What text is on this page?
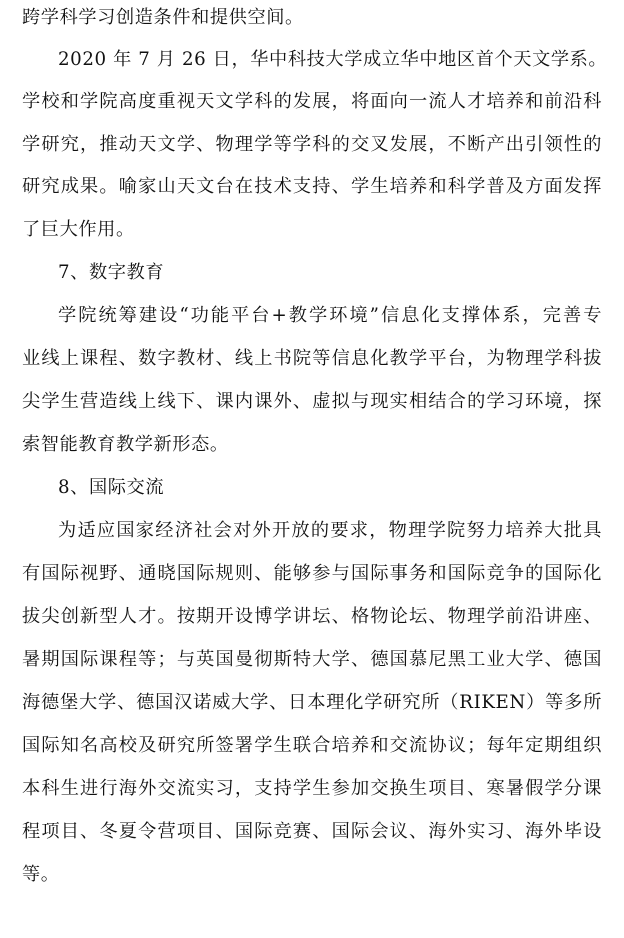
跨学科学习创造条件和提供空间。
2020 年 7 月 26 日，华中科技大学成立华中地区首个天文学系。
学校和学院高度重视天文学科的发展，将面向一流人才培养和前沿科
学研究，推动天文学、物理学等学科的交叉发展，不断产出引领性的
研究成果。喻家山天文台在技术支持、学生培养和科学普及方面发挥
了巨大作用。
7、数字教育
学院统筹建设“功能平台+教学环境”信息化支撑体系，完善专
业线上课程、数字教材、线上书院等信息化教学平台，为物理学科拔
尖学生营造线上线下、课内课外、虚拟与现实相结合的学习环境，探
索智能教育教学新形态。
8、国际交流
为适应国家经济社会对外开放的要求，物理学院努力培养大批具
有国际视野、通晓国际规则、能够参与国际事务和国际竞争的国际化
拔尖创新型人才。按期开设博学讲坛、格物论坛、物理学前沿讲座、
暑期国际课程等；与英国曼彻斯特大学、德国慕尼黑工业大学、德国
海德堡大学、德国汉诺威大学、日本理化学研究所（RIKEN）等多所
国际知名高校及研究所签署学生联合培养和交流协议；每年定期组织
本科生进行海外交流实习，支持学生参加交换生项目、寒暑假学分课
程项目、冬夏令营项目、国际竞赛、国际会议、海外实习、海外毕设
等。
